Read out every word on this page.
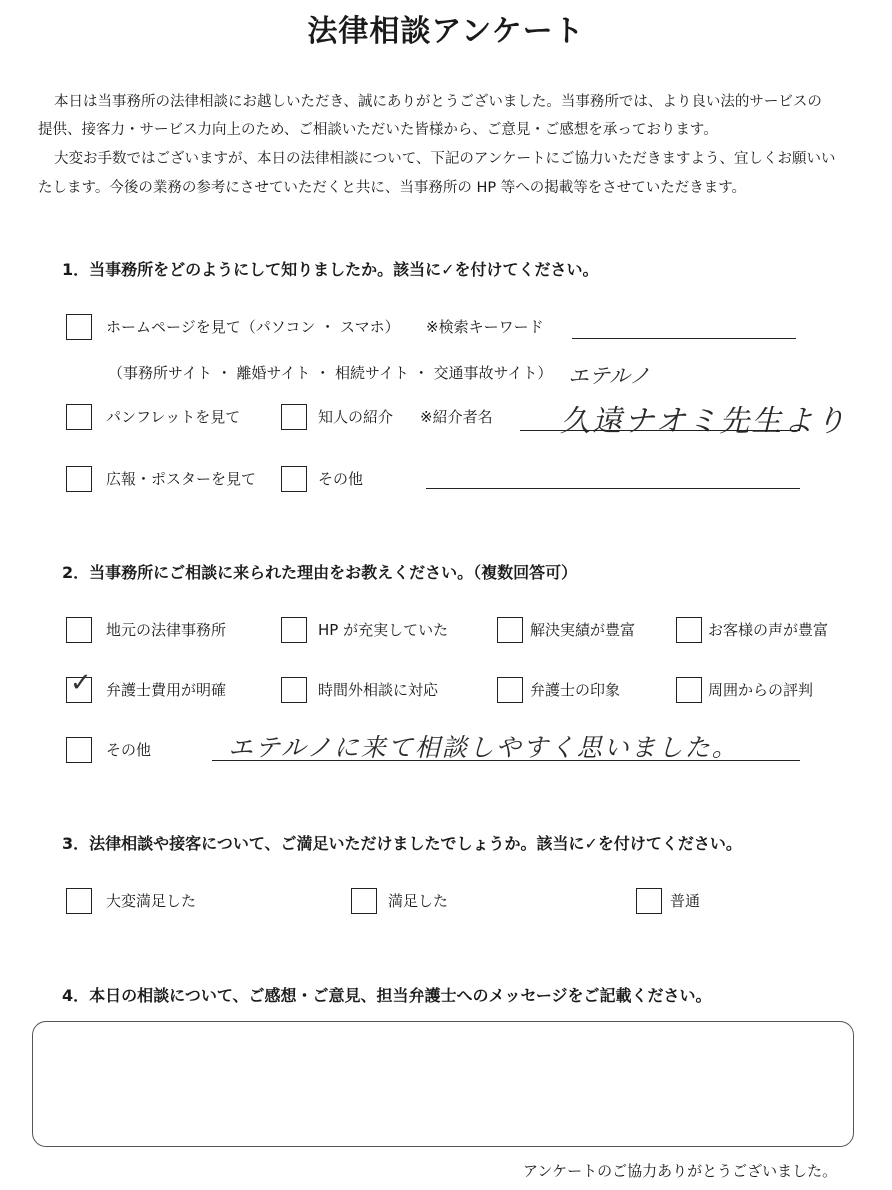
法律相談アンケート
本日は当事務所の法律相談にお越しいただき、誠にありがとうございました。当事務所では、より良い法的サービスの
提供、接客力・サービス力向上のため、ご相談いただいた皆様から、ご意見・ご感想を承っております。
大変お手数ではございますが、本日の法律相談について、下記のアンケートにご協力いただきますよう、宜しくお願いい
たします。今後の業務の参考にさせていただくと共に、当事務所の HP 等への掲載等をさせていただきます。
1．当事務所をどのようにして知りましたか。該当に✓を付けてください。
ホームページを見て（パソコン ・ スマホ） ※検索キーワード
（事務所サイト ・ 離婚サイト ・ 相続サイト ・ 交通事故サイト） エテルノ
パンフレットを見て	知人の紹介 ※紹介者名 久遠ナオミ先生より
広報・ポスターを見て	その他
2．当事務所にご相談に来られた理由をお教えください。（複数回答可）
地元の法律事務所	HP が充実していた	解決実績が豊富	お客様の声が豊富
✓ 弁護士費用が明確	時間外相談に対応	弁護士の印象	周囲からの評判
その他	エテルノに来て相談しやすく思いました。
3．法律相談や接客について、ご満足いただけましたでしょうか。該当に✓を付けてください。
大変満足した	満足した	普通
4．本日の相談について、ご感想・ご意見、担当弁護士へのメッセージをご記載ください。
アンケートのご協力ありがとうございました。
